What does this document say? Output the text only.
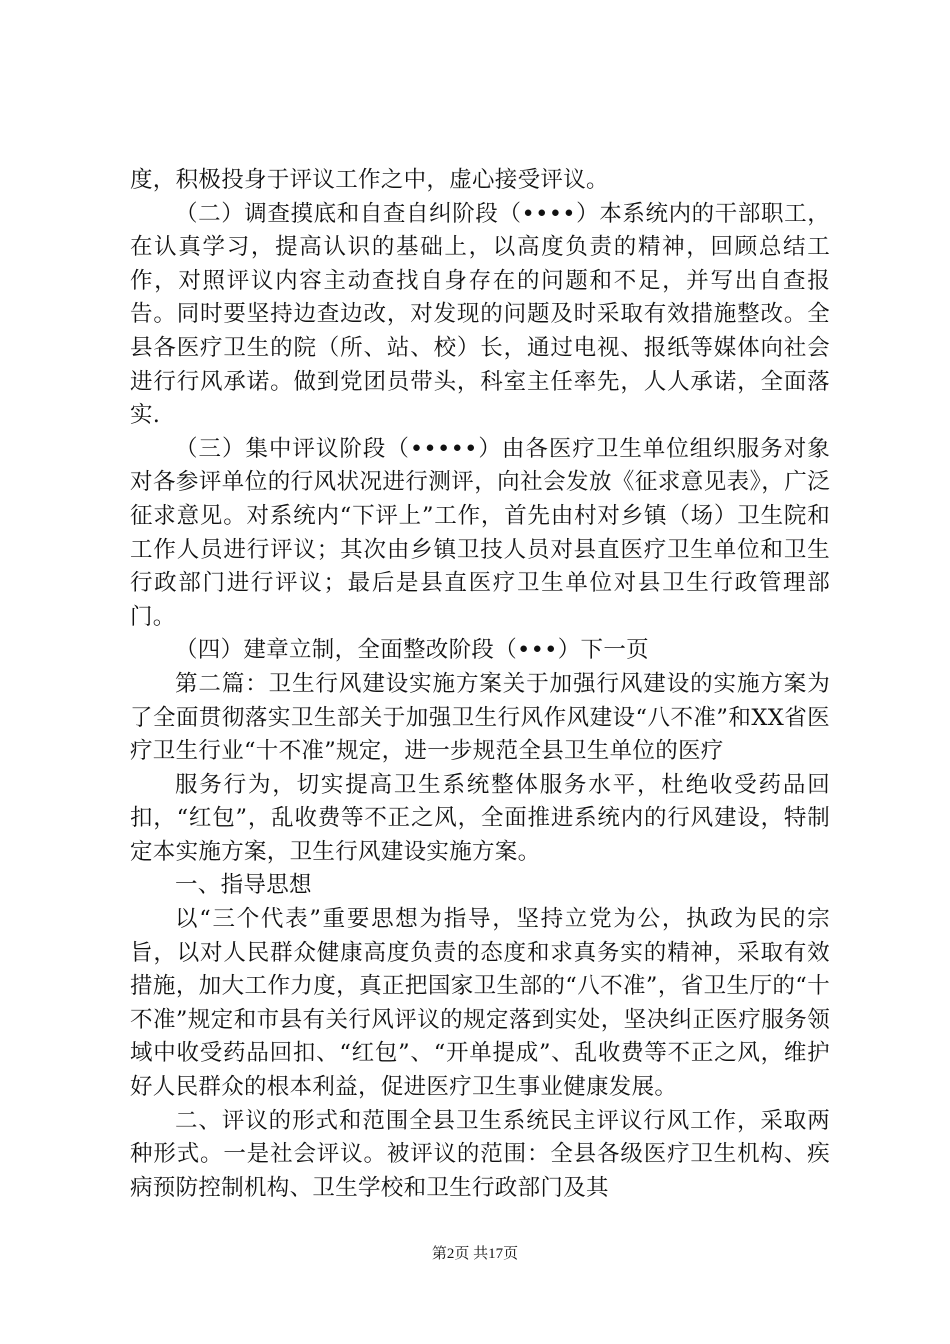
度，积极投身于评议工作之中，虚心接受评议。

（二）调查摸底和自查自纠阶段（••••）本系统内的干部职工，在认真学习，提高认识的基础上，以高度负责的精神，回顾总结工作，对照评议内容主动查找自身存在的问题和不足，并写出自查报告。同时要坚持边查边改，对发现的问题及时采取有效措施整改。全县各医疗卫生的院（所、站、校）长，通过电视、报纸等媒体向社会进行行风承诺。做到党团员带头，科室主任率先，人人承诺，全面落实.

（三）集中评议阶段（•••••）由各医疗卫生单位组织服务对象对各参评单位的行风状况进行测评，向社会发放《征求意见表》，广泛征求意见。对系统内“下评上”工作，首先由村对乡镇（场）卫生院和工作人员进行评议；其次由乡镇卫技人员对县直医疗卫生单位和卫生行政部门进行评议；最后是县直医疗卫生单位对县卫生行政管理部门。

（四）建章立制，全面整改阶段（•••）下一页

第二篇：卫生行风建设实施方案关于加强行风建设的实施方案为了全面贯彻落实卫生部关于加强卫生行风作风建设“八不准”和XX省医疗卫生行业“十不准”规定，进一步规范全县卫生单位的医疗

服务行为，切实提高卫生系统整体服务水平，杜绝收受药品回扣，“红包”，乱收费等不正之风，全面推进系统内的行风建设，特制定本实施方案，卫生行风建设实施方案。

一、指导思想

以“三个代表”重要思想为指导，坚持立党为公，执政为民的宗旨，以对人民群众健康高度负责的态度和求真务实的精神，采取有效措施，加大工作力度，真正把国家卫生部的“八不准”，省卫生厅的“十不准”规定和市县有关行风评议的规定落到实处，坚决纠正医疗服务领域中收受药品回扣、“红包”、“开单提成”、乱收费等不正之风，维护好人民群众的根本利益，促进医疗卫生事业健康发展。

二、评议的形式和范围全县卫生系统民主评议行风工作，采取两种形式。一是社会评议。被评议的范围：全县各级医疗卫生机构、疾病预防控制机构、卫生学校和卫生行政部门及其

第2页 共17页
